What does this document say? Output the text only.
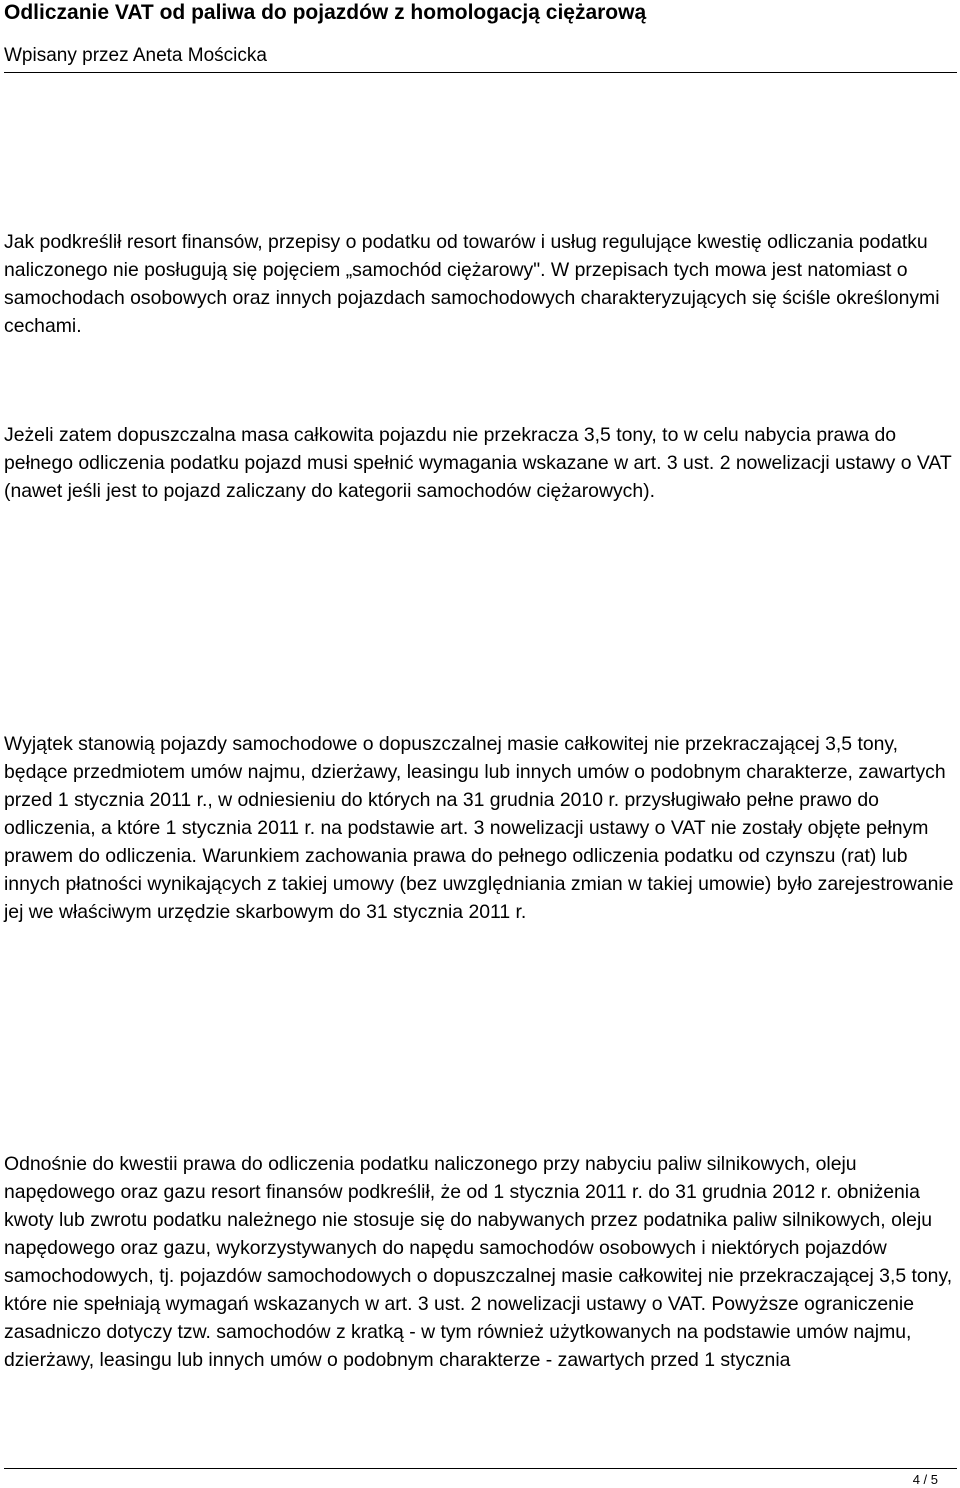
Odliczanie VAT od paliwa do pojazdów z homologacją ciężarową
Wpisany przez Aneta Mościcka

Jak podkreślił resort finansów, przepisy o podatku od towarów i usług regulujące kwestię odliczania podatku naliczonego nie posługują się pojęciem „samochód ciężarowy". W przepisach tych mowa jest natomiast o samochodach osobowych oraz innych pojazdach samochodowych charakteryzujących się ściśle określonymi cechami.

Jeżeli zatem dopuszczalna masa całkowita pojazdu nie przekracza 3,5 tony, to w celu nabycia prawa do pełnego odliczenia podatku pojazd musi spełnić wymagania wskazane w art. 3 ust. 2 nowelizacji ustawy o VAT (nawet jeśli jest to pojazd zaliczany do kategorii samochodów ciężarowych).

Wyjątek stanowią pojazdy samochodowe o dopuszczalnej masie całkowitej nie przekraczającej 3,5 tony, będące przedmiotem umów najmu, dzierżawy, leasingu lub innych umów o podobnym charakterze, zawartych przed 1 stycznia 2011 r., w odniesieniu do których na 31 grudnia 2010 r. przysługiwało pełne prawo do odliczenia, a które 1 stycznia 2011 r. na podstawie art. 3 nowelizacji ustawy o VAT nie zostały objęte pełnym prawem do odliczenia. Warunkiem zachowania prawa do pełnego odliczenia podatku od czynszu (rat) lub innych płatności wynikających z takiej umowy (bez uwzględniania zmian w takiej umowie) było zarejestrowanie jej we właściwym urzędzie skarbowym do 31 stycznia 2011 r.

Odnośnie do kwestii prawa do odliczenia podatku naliczonego przy nabyciu paliw silnikowych, oleju napędowego oraz gazu resort finansów podkreślił, że od 1 stycznia 2011 r. do 31 grudnia 2012 r. obniżenia kwoty lub zwrotu podatku należnego nie stosuje się do nabywanych przez podatnika paliw silnikowych, oleju napędowego oraz gazu, wykorzystywanych do napędu samochodów osobowych i niektórych pojazdów samochodowych, tj. pojazdów samochodowych o dopuszczalnej masie całkowitej nie przekraczającej 3,5 tony, które nie spełniają wymagań wskazanych w art. 3 ust. 2 nowelizacji ustawy o VAT. Powyższe ograniczenie zasadniczo dotyczy tzw. samochodów z kratką - w tym również użytkowanych na podstawie umów najmu, dzierżawy, leasingu lub innych umów o podobnym charakterze - zawartych przed 1 stycznia

4 / 5
